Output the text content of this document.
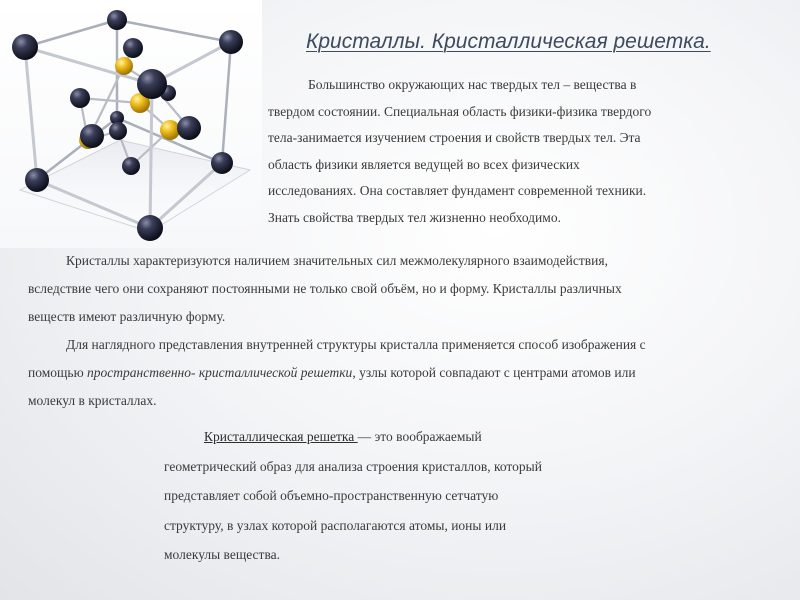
Кристаллы. Кристаллическая решетка.

Большинство окружающих нас твердых тел – вещества в
твердом состоянии. Специальная область физики-физика твердого
тела-занимается изучением строения и свойств твердых тел. Эта
область физики является ведущей во всех физических
исследованиях. Она составляет фундамент современной техники.
Знать свойства твердых тел жизненно необходимо.

Кристаллы характеризуются наличием значительных сил межмолекулярного взаимодействия,
вследствие чего они сохраняют постоянными не только свой объём, но и форму. Кристаллы различных
веществ имеют различную форму.

Для наглядного представления внутренней структуры кристалла применяется способ изображения с
помощью пространственно- кристаллической решетки, узлы которой совпадают с центрами атомов или
молекул в кристаллах.

Кристаллическая решетка — это воображаемый
геометрический образ для анализа строения кристаллов, который
представляет собой объемно-пространственную сетчатую
структуру, в узлах которой располагаются атомы, ионы или
молекулы вещества.
